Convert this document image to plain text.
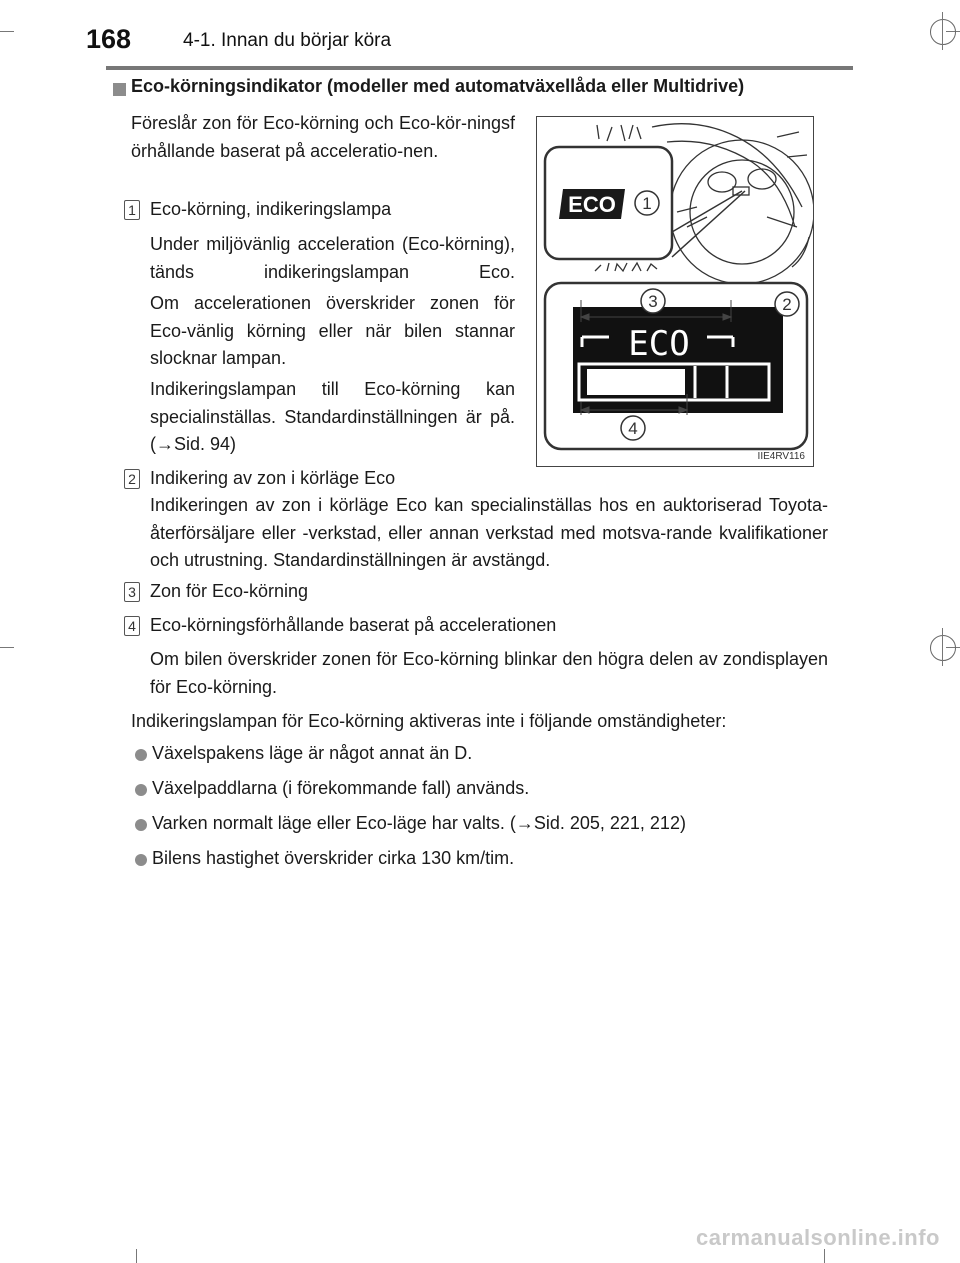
168	4-1. Innan du börjar köra
Eco-körningsindikator (modeller med automatväxellåda eller Multidrive)
Föreslår zon för Eco-körning och Eco-kör-ningsförhållande baserat på acceleratio-nen.
1 Eco-körning, indikeringslampa
Under miljövänlig acceleration (Eco-körning), tänds indikeringslampan Eco.
Om accelerationen överskrider zonen för Eco-vänlig körning eller när bilen stannar slocknar lampan.
Indikeringslampan till Eco-körning kan specialinställas. Standardinställningen är på. (→Sid. 94)
2 Indikering av zon i körläge Eco
Indikeringen av zon i körläge Eco kan specialinställas hos en auktoriserad Toyota-återförsäljare eller -verkstad, eller annan verkstad med motsva-rande kvalifikationer och utrustning. Standardinställningen är avstängd.
3 Zon för Eco-körning
4 Eco-körningsförhållande baserat på accelerationen
Om bilen överskrider zonen för Eco-körning blinkar den högra delen av zondisplayen för Eco-körning.
Indikeringslampan för Eco-körning aktiveras inte i följande omständigheter:
Växelspakens läge är något annat än D.
Växelpaddlarna (i förekommande fall) används.
Varken normalt läge eller Eco-läge har valts. (→Sid. 205, 221, 212)
Bilens hastighet överskrider cirka 130 km/tim.
ECO 1
ECO
2
3
4
IIE4RV116
carmanualsonline.info
